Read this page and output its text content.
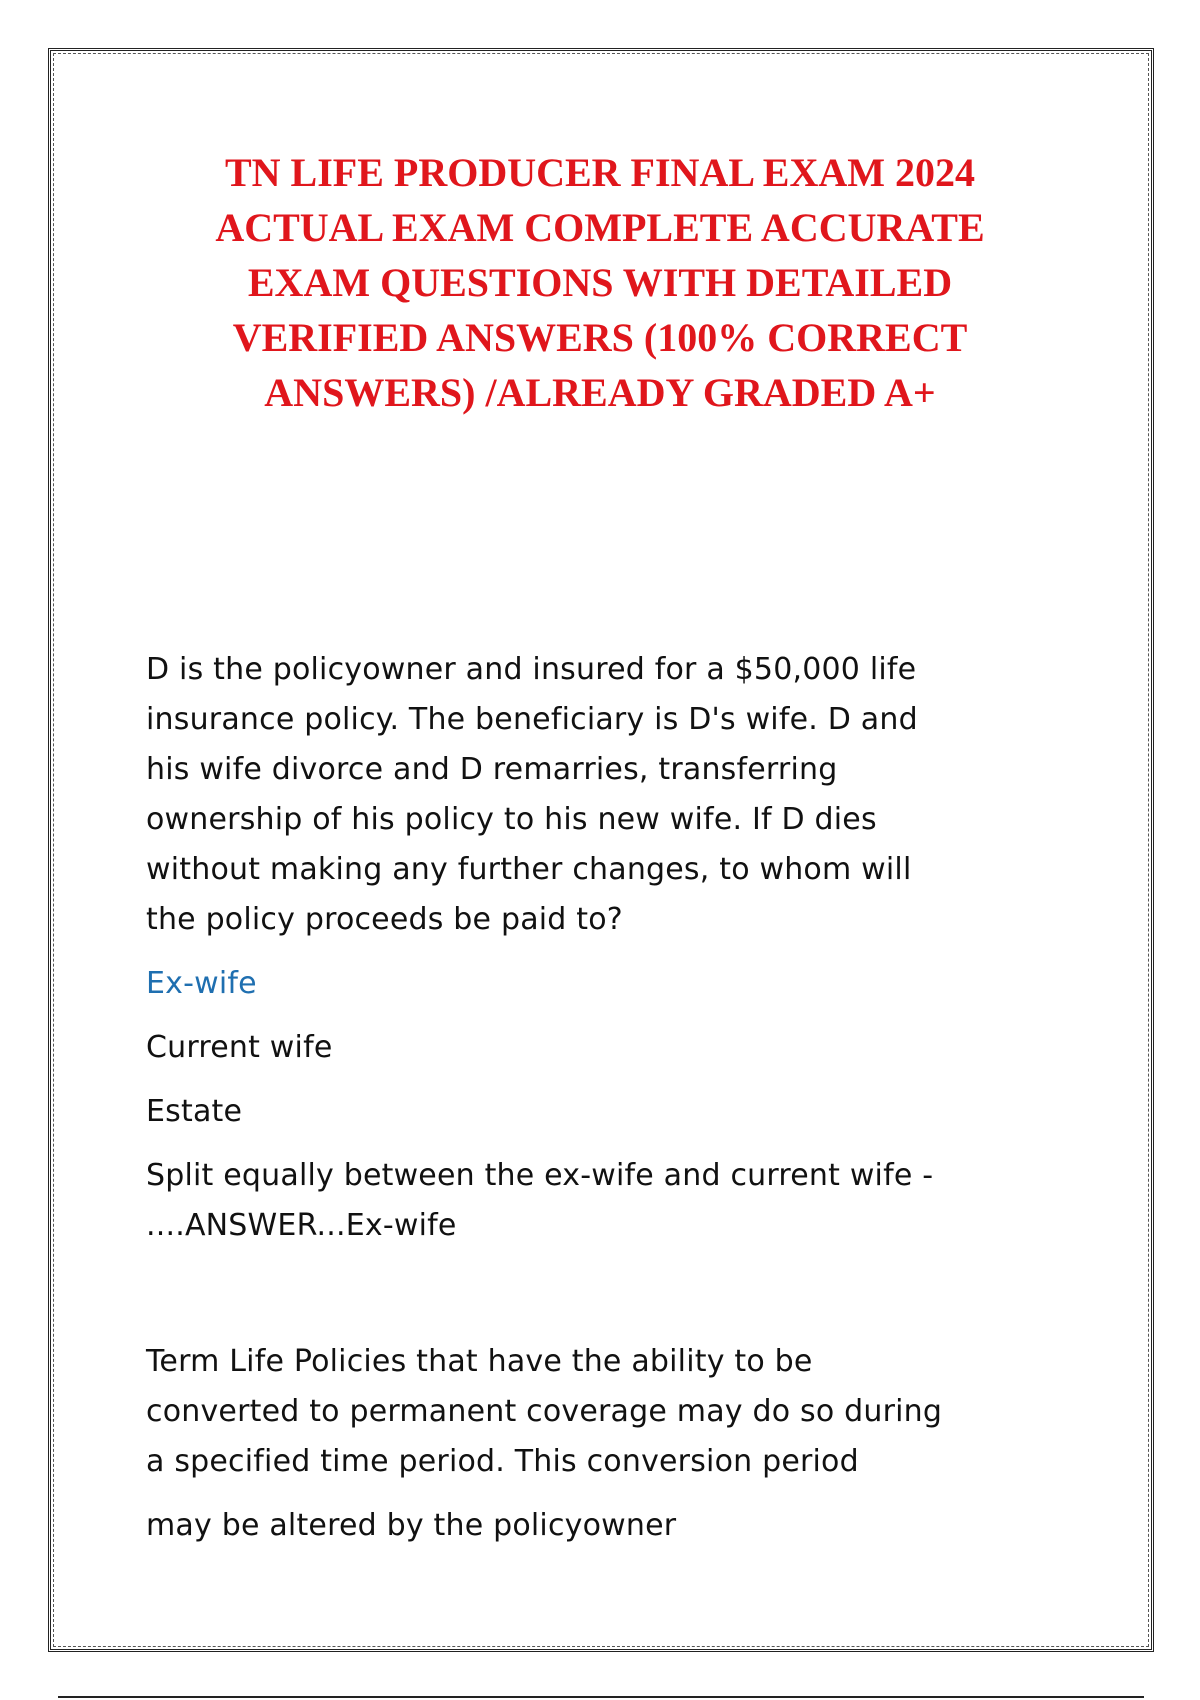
TN LIFE PRODUCER FINAL EXAM 2024
ACTUAL EXAM COMPLETE ACCURATE
EXAM QUESTIONS WITH DETAILED
VERIFIED ANSWERS (100% CORRECT
ANSWERS) /ALREADY GRADED A+

D is the policyowner and insured for a $50,000 life
insurance policy. The beneficiary is D's wife. D and
his wife divorce and D remarries, transferring
ownership of his policy to his new wife. If D dies
without making any further changes, to whom will
the policy proceeds be paid to?

Ex-wife

Current wife

Estate

Split equally between the ex-wife and current wife -
....ANSWER...Ex-wife

Term Life Policies that have the ability to be
converted to permanent coverage may do so during
a specified time period. This conversion period
may be altered by the policyowner
